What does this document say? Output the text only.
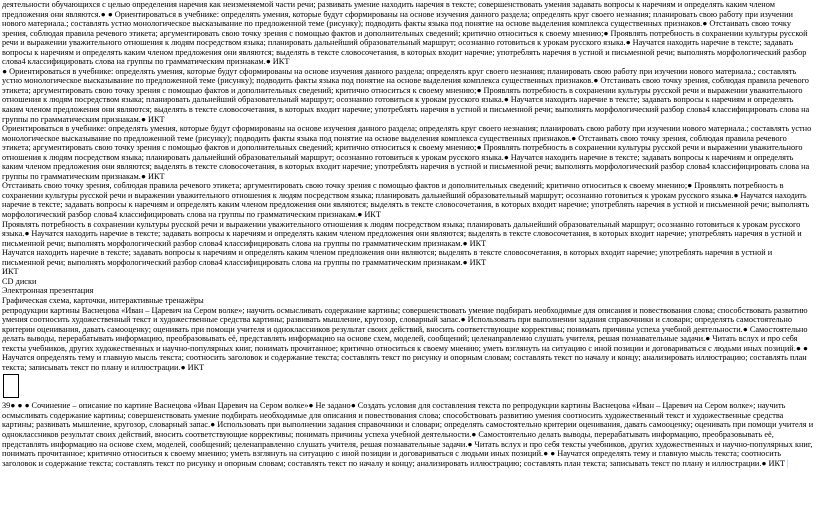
деятельности обучающихся с целью определения наречия как неизменяемой части речи; развивать умение находить наречия в тексте; совершенствовать умения задавать вопросы к наречиям и определять каким членом предложения они являются.● ● Ориентироваться в учебнике: определять умения, которые будут сформированы на основе изучения данного раздела; определять круг своего незнания; планировать свою работу при изучении нового материала.; составлять устно монологическое высказывание по предложенной теме (рисунку); подводить факты языка под понятие на основе выделения комплекса существенных признаков.● Отстаивать свою точку зрения, соблюдая правила речевого этикета; аргументировать свою точку зрения с помощью фактов и дополнительных сведений; критично относиться к своему мнению;● Проявлять потребность в сохранении культуры русской речи и выражении уважительного отношения к людям посредством языка; планировать дальнейший образовательный маршрут; осознанно готовиться к урокам русского языка.● Научатся находить наречие в тексте; задавать вопросы к наречиям и определять каким членом предложения они являются; выделять в тексте словосочетания, в которых входит наречие; употреблять наречия в устной и письменной речи; выполнять морфологический разбор слова4 классифицировать слова на группы по грамматическим признакам.● ИКТ

● Ориентироваться в учебнике: определять умения, которые будут сформированы на основе изучения данного раздела; определять круг своего незнания; планировать свою работу при изучении нового материала.; составлять устно монологическое высказывание по предложенной теме (рисунку); подводить факты языка под понятие на основе выделения комплекса существенных признаков.● Отстаивать свою точку зрения, соблюдая правила речевого этикета; аргументировать свою точку зрения с помощью фактов и дополнительных сведений; критично относиться к своему мнению;● Проявлять потребность в сохранении культуры русской речи и выражении уважительного отношения к людям посредством языка; планировать дальнейший образовательный маршрут; осознанно готовиться к урокам русского языка.● Научатся находить наречие в тексте; задавать вопросы к наречиям и определять каким членом предложения они являются; выделять в тексте словосочетания, в которых входит наречие; употреблять наречия в устной и письменной речи; выполнять морфологический разбор слова4 классифицировать слова на группы по грамматическим признакам.● ИКТ

Ориентироваться в учебнике: определять умения, которые будут сформированы на основе изучения данного раздела; определять круг своего незнания; планировать свою работу при изучении нового материала.; составлять устно монологическое высказывание по предложенной теме (рисунку); подводить факты языка под понятие на основе выделения комплекса существенных признаков.● Отстаивать свою точку зрения, соблюдая правила речевого этикета; аргументировать свою точку зрения с помощью фактов и дополнительных сведений; критично относиться к своему мнению;● Проявлять потребность в сохранении культуры русской речи и выражении уважительного отношения к людям посредством языка; планировать дальнейший образовательный маршрут; осознанно готовиться к урокам русского языка.● Научатся находить наречие в тексте; задавать вопросы к наречиям и определять каким членом предложения они являются; выделять в тексте словосочетания, в которых входит наречие; употреблять наречия в устной и письменной речи; выполнять морфологический разбор слова4 классифицировать слова на группы по грамматическим признакам.● ИКТ

Отстаивать свою точку зрения, соблюдая правила речевого этикета; аргументировать свою точку зрения с помощью фактов и дополнительных сведений; критично относиться к своему мнению;● Проявлять потребность в сохранении культуры русской речи и выражении уважительного отношения к людям посредством языка; планировать дальнейший образовательный маршрут; осознанно готовиться к урокам русского языка.● Научатся находить наречие в тексте; задавать вопросы к наречиям и определять каким членом предложения они являются; выделять в тексте словосочетания, в которых входит наречие; употреблять наречия в устной и письменной речи; выполнять морфологический разбор слова4 классифицировать слова на группы по грамматическим признакам.● ИКТ

Проявлять потребность в сохранении культуры русской речи и выражении уважительного отношения к людям посредством языка; планировать дальнейший образовательный маршрут; осознанно готовиться к урокам русского языка.● Научатся находить наречие в тексте; задавать вопросы к наречиям и определять каким членом предложения они являются; выделять в тексте словосочетания, в которых входит наречие; употреблять наречия в устной и письменной речи; выполнять морфологический разбор слова4 классифицировать слова на группы по грамматическим признакам.● ИКТ

Научатся находить наречие в тексте; задавать вопросы к наречиям и определять каким членом предложения они являются; выделять в тексте словосочетания, в которых входит наречие; употреблять наречия в устной и письменной речи; выполнять морфологический разбор слова4 классифицировать слова на группы по грамматическим признакам.● ИКТ

ИКТ

CD диски

Электронная презентация

Графическая схема, карточки, интерактивные тренажёры

репродукции картины Васнецова «Иван – Царевич на Сером волке»; научить осмысливать содержание картины; совершенствовать умение подбирать необходимые для описания и повествования слова; способствовать развитию умения соотносить художественный текст и художественные средства картины; развивать мышление, кругозор, словарный запас.● Использовать при выполнении задания справочники и словари; определять самостоятельно критерии оценивания, давать самооценку; оценивать при помощи учителя и одноклассников результат своих действий, вносить соответствующие коррективы; понимать причины успеха учебной деятельности.● Самостоятельно делать выводы, перерабатывать информацию, преобразовывать её, представлять информацию на основе схем, моделей, сообщений; целенаправленно слушать учителя, решая познавательные задачи.● Читать вслух и про себя тексты учебников, других художественных и научно-популярных книг, понимать прочитанное; критично относиться к своему мнению; уметь взглянуть на ситуацию с иной позиции и договариваться с людьми иных позиций.● ● Научатся определять тему и главную мысль текста; соотносить заголовок и содержание текста; составлять текст по рисунку и опорным словам; составлять текст по началу и концу; анализировать иллюстрацию; составлять план текста; записывать текст по плану и иллюстрации.● ИКТ

39● ● ● Сочинение – описание по картине Васнецова «Иван Царевич на Сером волке»● Не задано● Создать условия для составления текста по репродукции картины Васнецова «Иван – Царевич на Сером волке»; научить осмысливать содержание картины; совершенствовать умение подбирать необходимые для описания и повествования слова; способствовать развитию умения соотносить художественный текст и художественные средства картины; развивать мышление, кругозор, словарный запас.● Использовать при выполнении задания справочники и словари; определять самостоятельно критерии оценивания, давать самооценку; оценивать при помощи учителя и одноклассников результат своих действий, вносить соответствующие коррективы; понимать причины успеха учебной деятельности.● Самостоятельно делать выводы, перерабатывать информацию, преобразовывать её, представлять информацию на основе схем, моделей, сообщений; целенаправленно слушать учителя, решая познавательные задачи.● Читать вслух и про себя тексты учебников, других художественных и научно-популярных книг, понимать прочитанное; критично относиться к своему мнению; уметь взглянуть на ситуацию с иной позиции и договариваться с людьми иных позиций.● ● Научатся определять тему и главную мысль текста; соотносить заголовок и содержание текста; составлять текст по рисунку и опорным словам; составлять текст по началу и концу; анализировать иллюстрацию; составлять план текста; записывать текст по плану и иллюстрации.● ИКТ
